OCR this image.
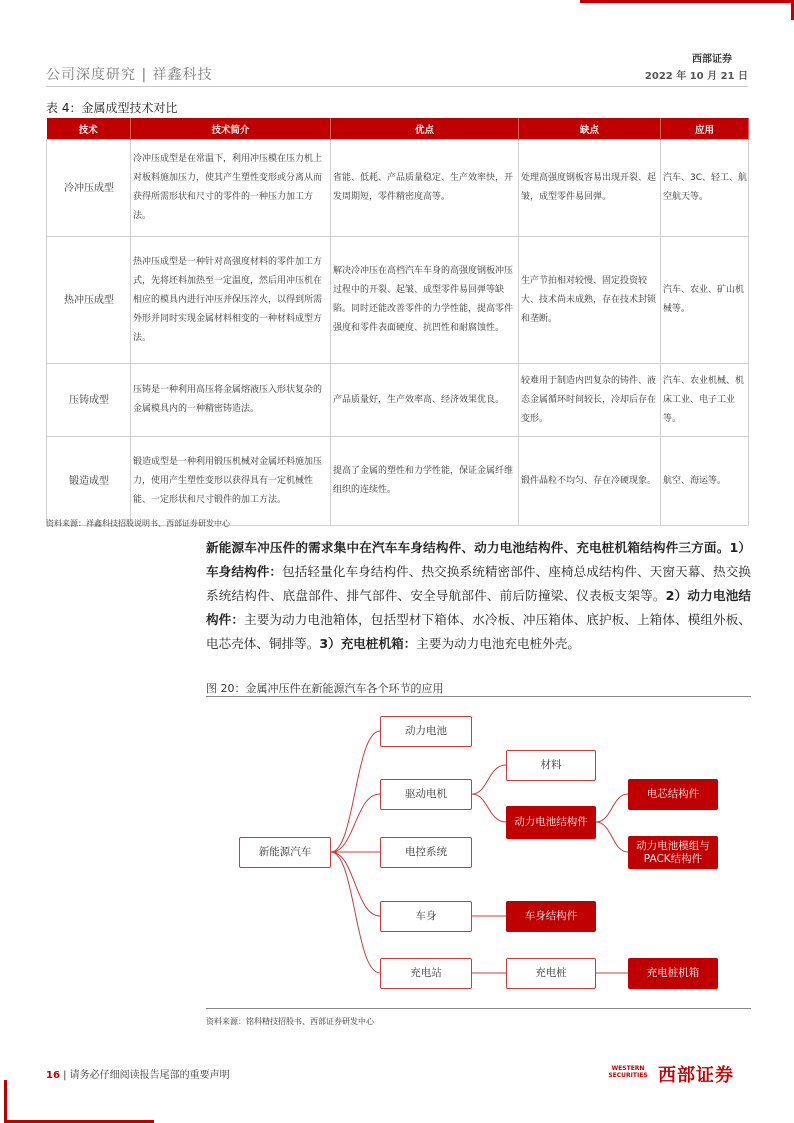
公司深度研究 | 祥鑫科技
西部证券
2022 年 10 月 21 日
表 4：金属成型技术对比
技术	技术简介	优点	缺点	应用
冷冲压成型	冷冲压成型是在常温下，利用冲压模在压力机上对板料施加压力，使其产生塑性变形或分离从而获得所需形状和尺寸的零件的一种压力加工方法。	省能、低耗、产品质量稳定、生产效率快，开发周期短，零件精密度高等。	处理高强度钢板容易出现开裂、起皱，成型零件易回弹。	汽车、3C、轻工、航空航天等。
热冲压成型	热冲压成型是一种针对高强度材料的零件加工方式，先将坯料加热至一定温度，然后用冲压机在相应的模具内进行冲压并保压淬火，以得到所需外形并同时实现金属材料相变的一种材料成型方法。	解决冷冲压在高档汽车车身的高强度钢板冲压过程中的开裂、起皱、成型零件易回弹等缺陷。同时还能改善零件的力学性能，提高零件强度和零件表面硬度、抗凹性和耐腐蚀性。	生产节拍相对较慢、固定投资较大、技术尚未成熟，存在技术封锁和垄断。	汽车、农业、矿山机械等。
压铸成型	压铸是一种利用高压将金属熔液压入形状复杂的金属模具内的一种精密铸造法。	产品质量好，生产效率高、经济效果优良。	较难用于制造内凹复杂的铸件、液态金属循环时间较长，冷却后存在变形。	汽车、农业机械、机床工业、电子工业等。
锻造成型	锻造成型是一种利用锻压机械对金属坯料施加压力，使用产生塑性变形以获得具有一定机械性能、一定形状和尺寸锻件的加工方法。	提高了金属的塑性和力学性能，保证金属纤维组织的连续性。	锻件晶粒不均匀、存在冷硬现象。	航空、海运等。
资料来源：祥鑫科技招股说明书、西部证券研发中心
新能源车冲压件的需求集中在汽车车身结构件、动力电池结构件、充电桩机箱结构件三方面。1）车身结构件：包括轻量化车身结构件、热交换系统精密部件、座椅总成结构件、天窗天幕、热交换系统结构件、底盘部件、排气部件、安全导航部件、前后防撞梁、仪表板支架等。2）动力电池结构件：主要为动力电池箱体，包括型材下箱体、水冷板、冲压箱体、底护板、上箱体、模组外板、电芯壳体、铜排等。3）充电桩机箱：主要为动力电池充电桩外壳。
图 20：金属冲压件在新能源汽车各个环节的应用
新能源汽车
动力电池
驱动电机
电控系统
车身
充电站
材料
动力电池结构件
电芯结构件
动力电池模组与PACK结构件
车身结构件
充电桩	充电桩机箱
资料来源：铭科精技招股书、西部证券研发中心
16 | 请务必仔细阅读报告尾部的重要声明
WESTERN SECURITIES 西部证券
